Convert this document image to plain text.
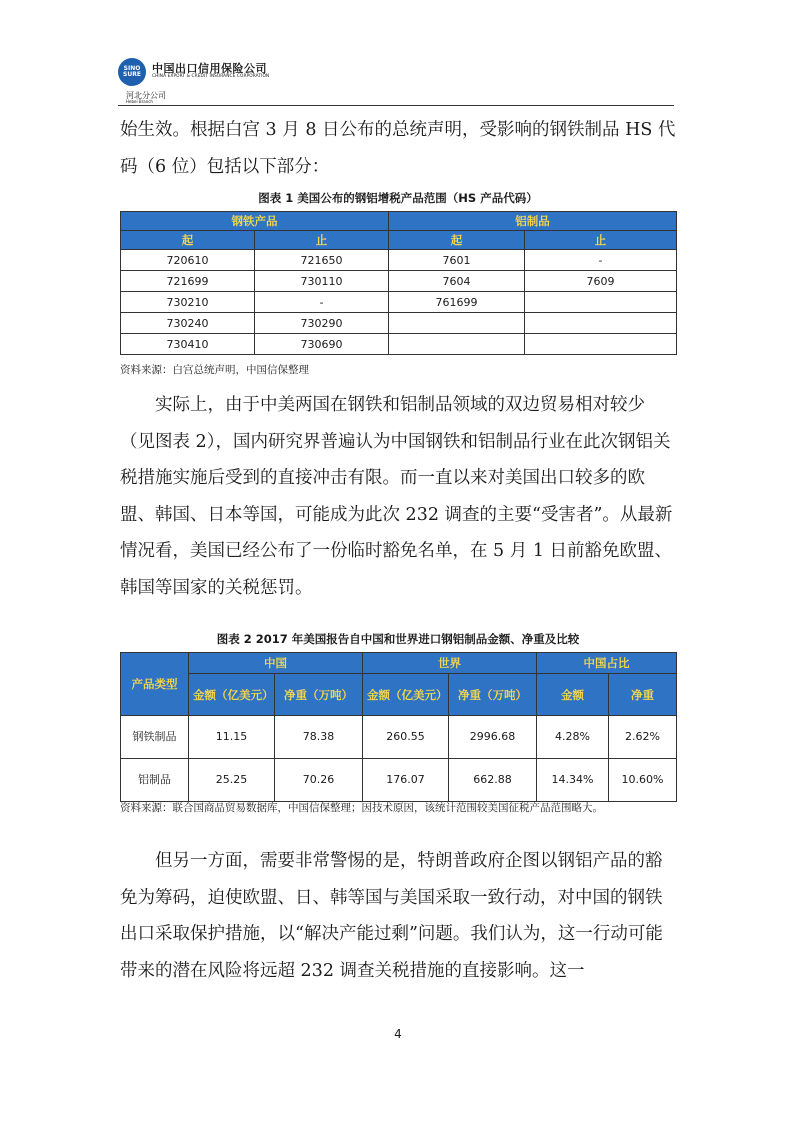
SINO SURE	中国出口信用保险公司
CHINA EXPORT & CREDIT INSURANCE CORPORATION
河北分公司
Hebei Branch
始生效。根据白宫 3 月 8 日公布的总统声明，受影响的钢铁制品 HS 代码（6 位）包括以下部分：
图表 1 美国公布的钢铝增税产品范围（HS 产品代码）
钢铁产品		铝制品	
起	止	起	止
720610	721650	7601	-
721699	730110	7604	7609
730210	-	761699	
730240	730290		
730410	730690		
资料来源：白宫总统声明，中国信保整理
实际上，由于中美两国在钢铁和铝制品领域的双边贸易相对较少（见图表 2），国内研究界普遍认为中国钢铁和铝制品行业在此次钢铝关税措施实施后受到的直接冲击有限。而一直以来对美国出口较多的欧盟、韩国、日本等国，可能成为此次 232 调查的主要“受害者”。从最新情况看，美国已经公布了一份临时豁免名单，在 5 月 1 日前豁免欧盟、韩国等国家的关税惩罚。
图表 2 2017 年美国报告自中国和世界进口钢铝制品金额、净重及比较
产品类型	中国		世界		中国占比	
	金额（亿美元）	净重（万吨）	金额（亿美元）	净重（万吨）	金额	净重
钢铁制品	11.15	78.38	260.55	2996.68	4.28%	2.62%
铝制品	25.25	70.26	176.07	662.88	14.34%	10.60%
资料来源：联合国商品贸易数据库，中国信保整理；因技术原因，该统计范围较美国征税产品范围略大。
但另一方面，需要非常警惕的是，特朗普政府企图以钢铝产品的豁免为筹码，迫使欧盟、日、韩等国与美国采取一致行动，对中国的钢铁出口采取保护措施，以“解决产能过剩”问题。我们认为，这一行动可能带来的潜在风险将远超 232 调查关税措施的直接影响。这一
4
